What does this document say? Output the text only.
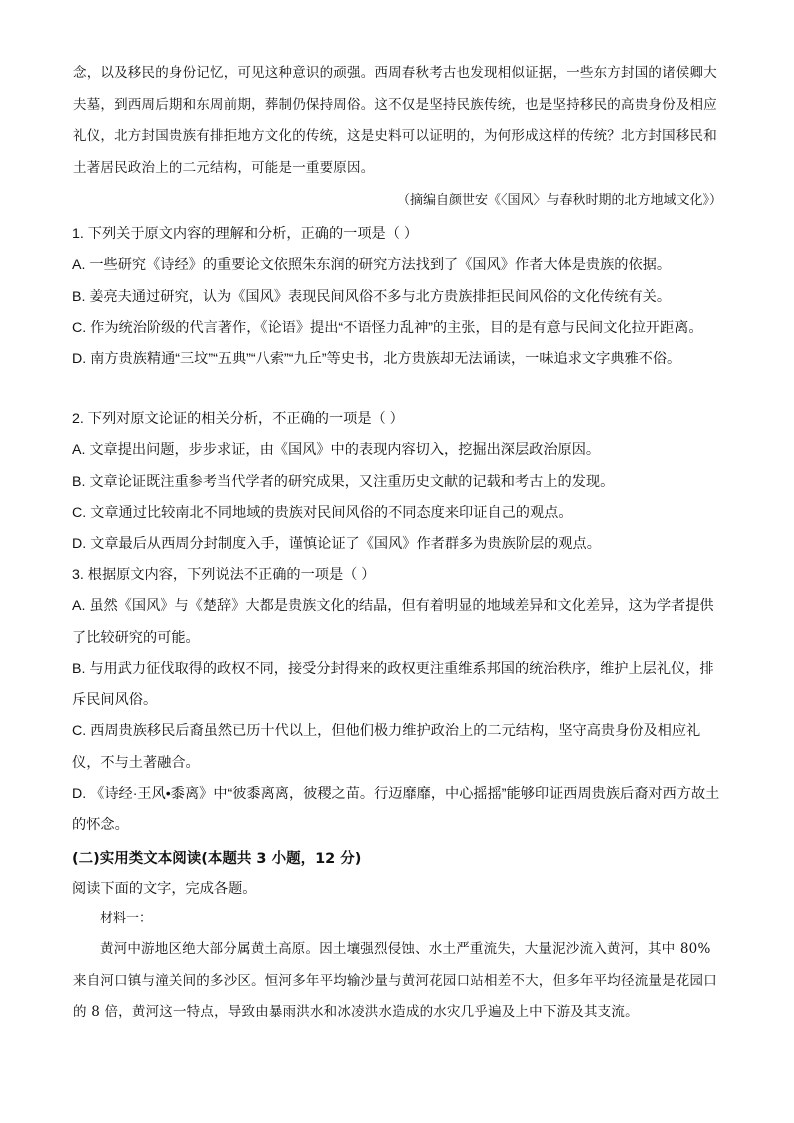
念，以及移民的身份记忆，可见这种意识的顽强。西周春秋考古也发现相似证据，一些东方封国的诸侯卿大夫墓，到西周后期和东周前期，葬制仍保持周俗。这不仅是坚持民族传统，也是坚持移民的高贵身份及相应礼仪，北方封国贵族有排拒地方文化的传统，这是史料可以证明的，为何形成这样的传统？北方封国移民和土著居民政治上的二元结构，可能是一重要原因。
（摘编自颜世安《〈国风〉与春秋时期的北方地域文化》）

1. 下列关于原文内容的理解和分析，正确的一项是（ ）

A. 一些研究《诗经》的重要论文依照朱东润的研究方法找到了《国风》作者大体是贵族的依据。

B. 姜亮夫通过研究，认为《国风》表现民间风俗不多与北方贵族排拒民间风俗的文化传统有关。

C. 作为统治阶级的代言著作，《论语》提出“不语怪力乱神”的主张，目的是有意与民间文化拉开距离。

D. 南方贵族精通“三坟”“五典”“八索”“九丘”等史书，北方贵族却无法诵读，一味追求文字典雅不俗。

2. 下列对原文论证的相关分析，不正确的一项是（ ）

A. 文章提出问题，步步求证，由《国风》中的表现内容切入，挖掘出深层政治原因。

B. 文章论证既注重参考当代学者的研究成果，又注重历史文献的记载和考古上的发现。

C. 文章通过比较南北不同地域的贵族对民间风俗的不同态度来印证自己的观点。

D. 文章最后从西周分封制度入手，谨慎论证了《国风》作者群多为贵族阶层的观点。

3. 根据原文内容，下列说法不正确的一项是（ ）

A. 虽然《国风》与《楚辞》大都是贵族文化的结晶，但有着明显的地域差异和文化差异，这为学者提供了比较研究的可能。

B. 与用武力征伐取得的政权不同，接受分封得来的政权更注重维系邦国的统治秩序，维护上层礼仪，排斥民间风俗。

C. 西周贵族移民后裔虽然已历十代以上，但他们极力维护政治上的二元结构，坚守高贵身份及相应礼仪，不与土著融合。

D. 《诗经·王风•黍离》中“彼黍离离，彼稷之苗。行迈靡靡，中心摇摇”能够印证西周贵族后裔对西方故土的怀念。

(二)实用类文本阅读(本题共 3 小题，12 分)
阅读下面的文字，完成各题。
材料一：
黄河中游地区绝大部分属黄土高原。因土壤强烈侵蚀、水土严重流失，大量泥沙流入黄河，其中 80%来自河口镇与潼关间的多沙区。恒河多年平均输沙量与黄河花园口站相差不大，但多年平均径流量是花园口的 8 倍，黄河这一特点，导致由暴雨洪水和冰凌洪水造成的水灾几乎遍及上中下游及其支流。
